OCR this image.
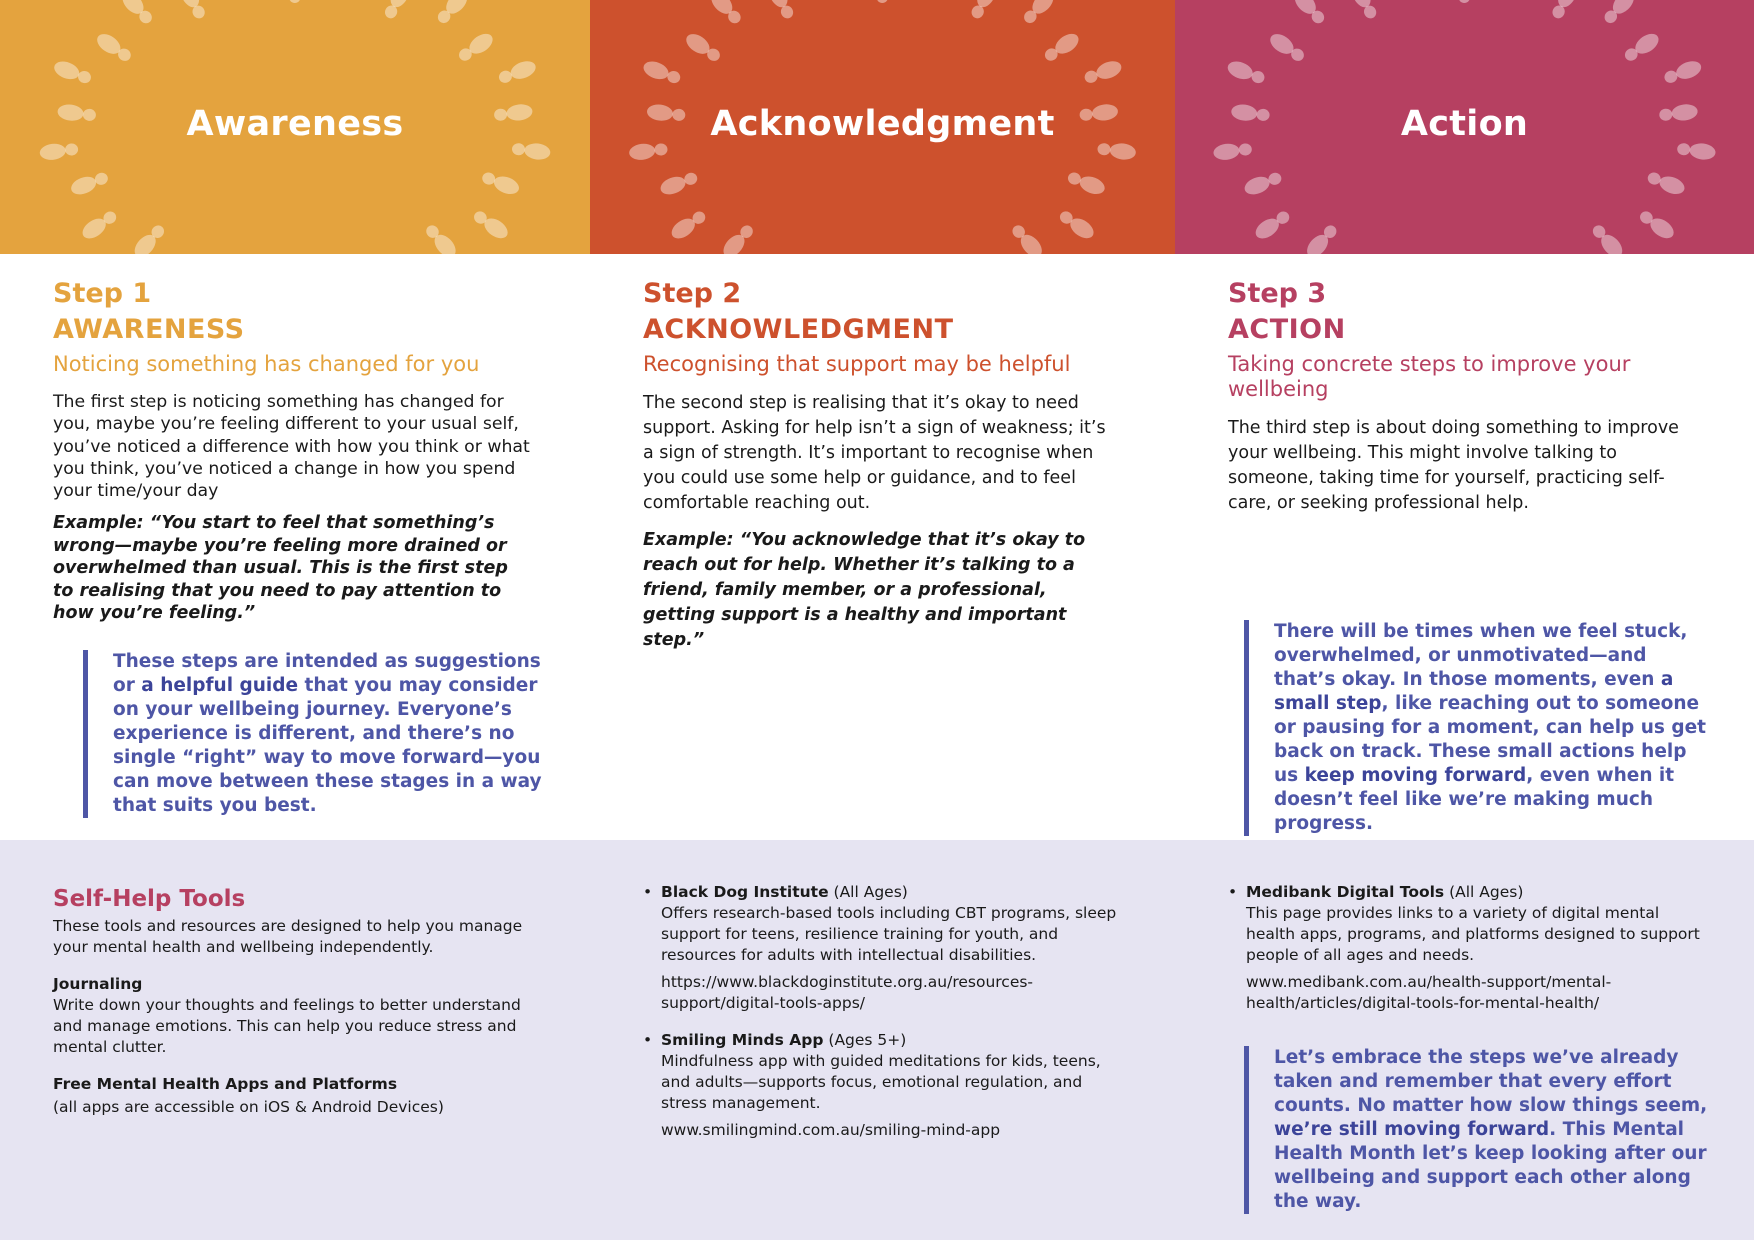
Awareness	Acknowledgment	Action
Step 1
AWARENESS
Noticing something has changed for you

The first step is noticing something has changed for you, maybe you’re feeling different to your usual self, you’ve noticed a difference with how you think or what you think, you’ve noticed a change in how you spend your time/your day

Example: “You start to feel that something’s wrong—maybe you’re feeling more drained or overwhelmed than usual. This is the first step to realising that you need to pay attention to how you’re feeling.”

Step 2
ACKNOWLEDGMENT
Recognising that support may be helpful

The second step is realising that it’s okay to need support. Asking for help isn’t a sign of weakness; it’s a sign of strength. It’s important to recognise when you could use some help or guidance, and to feel comfortable reaching out.

Example: “You acknowledge that it’s okay to reach out for help. Whether it’s talking to a friend, family member, or a professional, getting support is a healthy and important step.”

Step 3
ACTION
Taking concrete steps to improve your wellbeing

The third step is about doing something to improve your wellbeing. This might involve talking to someone, taking time for yourself, practicing self-care, or seeking professional help.

These steps are intended as suggestions or a helpful guide that you may consider on your wellbeing journey. Everyone’s experience is different, and there’s no single “right” way to move forward—you can move between these stages in a way that suits you best.
There will be times when we feel stuck, overwhelmed, or unmotivated—and that’s okay. In those moments, even a small step, like reaching out to someone or pausing for a moment, can help us get back on track. These small actions help us keep moving forward, even when it doesn’t feel like we’re making much progress.
Self-Help Tools

These tools and resources are designed to help you manage your mental health and wellbeing independently.

Journaling

Write down your thoughts and feelings to better understand and manage emotions. This can help you reduce stress and mental clutter.

Free Mental Health Apps and Platforms

(all apps are accessible on iOS & Android Devices)

• Black Dog Institute (All Ages)
Offers research-based tools including CBT programs, sleep support for teens, resilience training for youth, and resources for adults with intellectual disabilities.
https://www.blackdoginstitute.org.au/resources-support/digital-tools-apps/
• Smiling Minds App (Ages 5+)
Mindfulness app with guided meditations for kids, teens, and adults—supports focus, emotional regulation, and stress management.
www.smilingmind.com.au/smiling-mind-app
• Medibank Digital Tools (All Ages)
This page provides links to a variety of digital mental health apps, programs, and platforms designed to support people of all ages and needs.
www.medibank.com.au/health-support/mental-health/articles/digital-tools-for-mental-health/
Let’s embrace the steps we’ve already taken and remember that every effort counts. No matter how slow things seem, we’re still moving forward. This Mental Health Month let’s keep looking after our wellbeing and support each other along the way.
